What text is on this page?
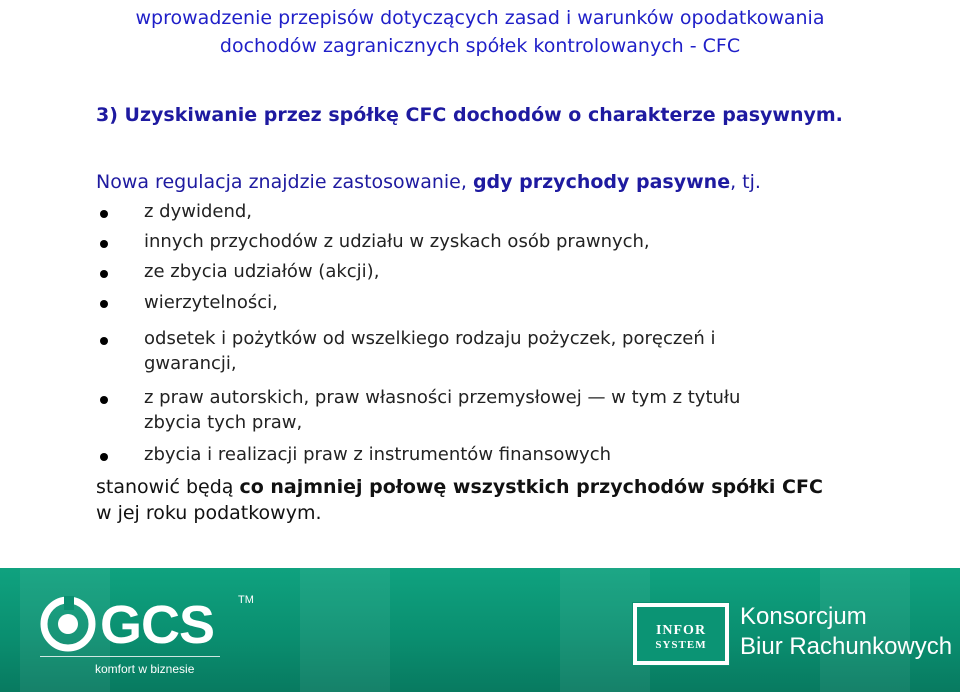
wprowadzenie przepisów dotyczących zasad i warunków opodatkowania
dochodów zagranicznych spółek kontrolowanych - CFC
3) Uzyskiwanie przez spółkę CFC dochodów o charakterze pasywnym.
Nowa regulacja znajdzie zastosowanie, gdy przychody pasywne, tj.
z dywidend,
innych przychodów z udziału w zyskach osób prawnych,
ze zbycia udziałów (akcji),
wierzytelności,
odsetek i pożytków od wszelkiego rodzaju pożyczek, poręczeń i
gwarancji,
z praw autorskich, praw własności przemysłowej — w tym z tytułu
zbycia tych praw,
zbycia i realizacji praw z instrumentów finansowych
stanowić będą co najmniej połowę wszystkich przychodów spółki CFC
w jej roku podatkowym.
GCS TM
komfort w biznesie
INFOR
SYSTEM
Konsorcjum
Biur Rachunkowych
